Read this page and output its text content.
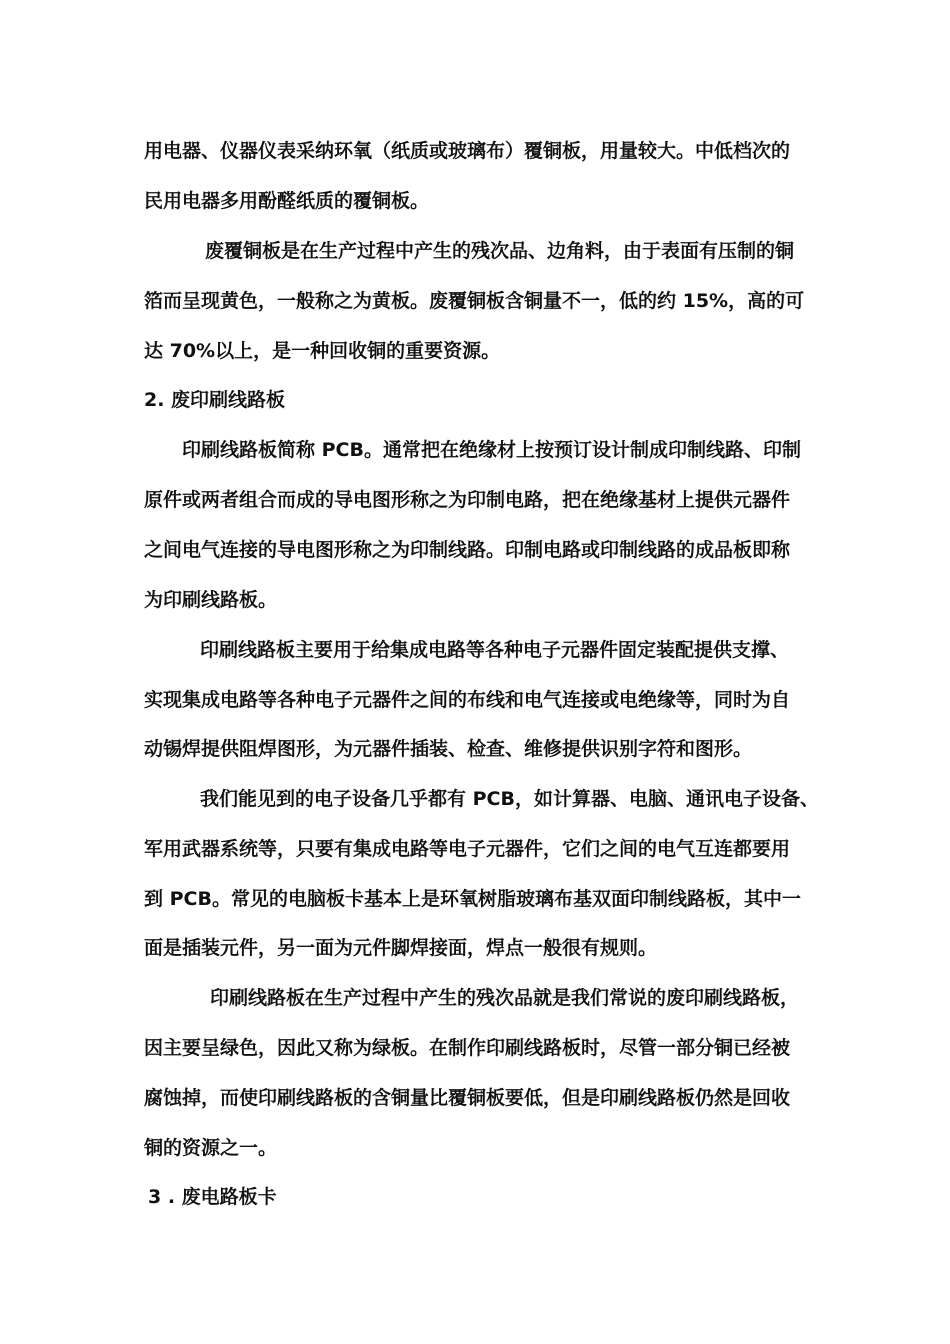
用电器、仪器仪表采纳环氧（纸质或玻璃布）覆铜板，用量较大。中低档次的
民用电器多用酚醛纸质的覆铜板。
废覆铜板是在生产过程中产生的残次品、边角料，由于表面有压制的铜
箔而呈现黄色，一般称之为黄板。废覆铜板含铜量不一，低的约 15%，高的可
达 70%以上，是一种回收铜的重要资源。
2. 废印刷线路板
印刷线路板简称 PCB。通常把在绝缘材上按预订设计制成印制线路、印制
原件或两者组合而成的导电图形称之为印制电路，把在绝缘基材上提供元器件
之间电气连接的导电图形称之为印制线路。印制电路或印制线路的成品板即称
为印刷线路板。
印刷线路板主要用于给集成电路等各种电子元器件固定装配提供支撑、
实现集成电路等各种电子元器件之间的布线和电气连接或电绝缘等，同时为自
动锡焊提供阻焊图形，为元器件插装、检查、维修提供识别字符和图形。
我们能见到的电子设备几乎都有 PCB，如计算器、电脑、通讯电子设备、
军用武器系统等，只要有集成电路等电子元器件，它们之间的电气互连都要用
到 PCB。常见的电脑板卡基本上是环氧树脂玻璃布基双面印制线路板，其中一
面是插装元件，另一面为元件脚焊接面，焊点一般很有规则。
印刷线路板在生产过程中产生的残次品就是我们常说的废印刷线路板，
因主要呈绿色，因此又称为绿板。在制作印刷线路板时，尽管一部分铜已经被
腐蚀掉，而使印刷线路板的含铜量比覆铜板要低，但是印刷线路板仍然是回收
铜的资源之一。
3 . 废电路板卡
